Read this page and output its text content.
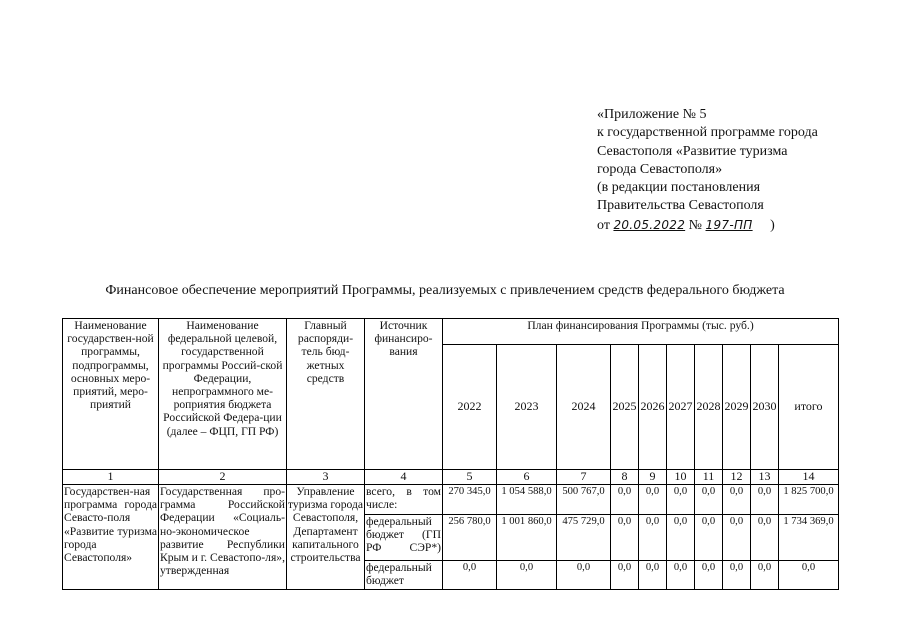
«Приложение № 5
к государственной программе города
Севастополя «Развитие туризма
города Севастополя»
(в редакции постановления
Правительства Севастополя
от 20.05.2022 № 197-ПП )
Финансовое обеспечение мероприятий Программы, реализуемых с привлечением средств федерального бюджета
Наименование государствен-ной программы, подпрограммы, основных меро-приятий, меро-приятий	Наименование федеральной целевой, государственной программы Россий-ской Федерации, непрограммного ме-роприятия бюджета Российской Федера-ции (далее – ФЦП, ГП РФ)	Главный распоряди-тель бюд-жетных средств	Источник финансиро-вания	План финансирования Программы (тыс. руб.)									
				2022	2023	2024	2025	2026	2027	2028	2029	2030	итого
1	2	3	4	5	6	7	8	9	10	11	12	13	14
Государствен-ная программа города Севасто-поля «Развитие туризма города Севастополя»	Государственная про-грамма Российской Федерации «Социаль-но-экономическое развитие Республики Крым и г. Севастопо-ля», утвержденная	Управление туризма города Севастополя, Департамент капитального строительства	всего, в том числе:	270 345,0	1 054 588,0	500 767,0	0,0	0,0	0,0	0,0	0,0	0,0	1 825 700,0
			федеральный бюджет (ГП РФ СЭР*)	256 780,0	1 001 860,0	475 729,0	0,0	0,0	0,0	0,0	0,0	0,0	1 734 369,0
			федеральный бюджет	0,0	0,0	0,0	0,0	0,0	0,0	0,0	0,0	0,0	0,0
